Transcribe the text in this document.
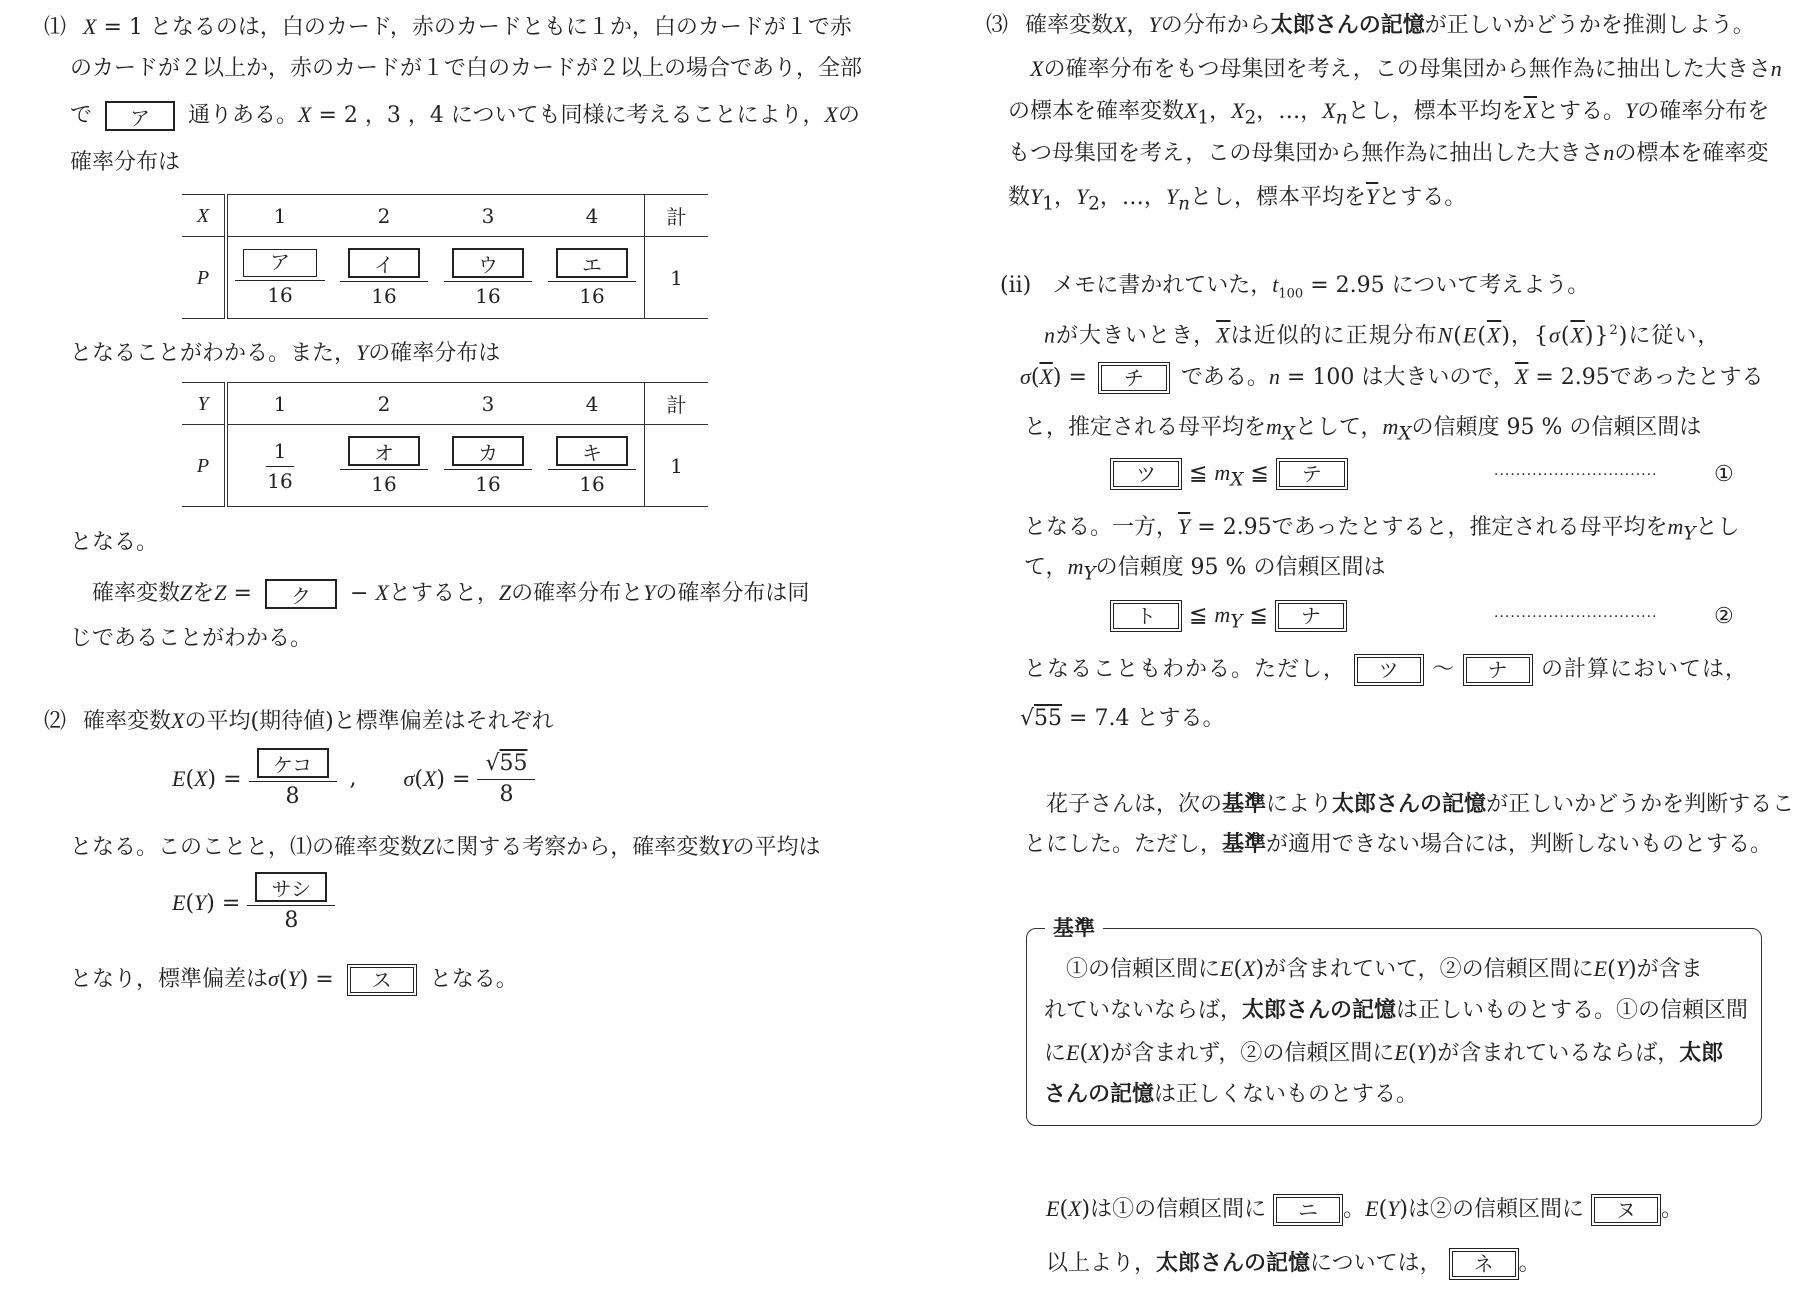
⑴ X = 1 となるのは，白のカード，赤のカードともに１か，白のカードが１で赤
のカードが２以上か，赤のカードが１で白のカードが２以上の場合であり，全部
で ア 通りある。X = 2 ，3 ，4 についても同様に考えることにより，Xの
確率分布は
X	1	2	3	4	計
P	$\frac{\text{ア}}{16}$	$\frac{\text{イ}}{16}$	$\frac{\text{ウ}}{16}$	$\frac{\text{エ}}{16}$	1
となることがわかる。また，Yの確率分布は
Y	1	2	3	4	計
P	$\frac{1}{16}$	$\frac{\text{オ}}{16}$	$\frac{\text{カ}}{16}$	$\frac{\text{キ}}{16}$	1
となる。
確率変数ZをZ = ク − Xとすると，Zの確率分布とYの確率分布は同
じであることがわかる。
⑵ 確率変数Xの平均(期待値)と標準偏差はそれぞれ
$E(X) = \frac{\text{ケコ}}{8}$ , $\sigma(X) = \frac{√55}{8}$
となる。このことと，⑴の確率変数Zに関する考察から，確率変数Yの平均は
$E(Y) = \frac{\text{サシ}}{8}$
となり，標準偏差はσ(Y) =	ス	となる。
⑶ 確率変数X，Yの分布から太郎さんの記憶が正しいかどうかを推測しよう。
Xの確率分布をもつ母集団を考え，この母集団から無作為に抽出した大きさn
の標本を確率変数$X_1$，$X_2$，…，$X_n$とし，標本平均を$\overline{X}$とする。Yの確率分布を
もつ母集団を考え，この母集団から無作為に抽出した大きさnの標本を確率変
数$Y_1$，$Y_2$，…，$Y_n$とし，標本平均を$\overline{Y}$とする。
(ii) メモに書かれていた，$t_{100} = 2.95$ について考えよう。
nが大きいとき，$\overline{X}$は近似的に正規分布$N(E(\overline{X})$，$\{\sigma(\overline{X})\}^2$)に従い，
$\sigma(\overline{X})$ =	チ	である。n = 100 は大きいので，$\overline{X} = 2.95$であったとする
と，推定される母平均を$m_X$として，$m_X$の信頼度 95 % の信頼区間は
ツ	≦ $m_X$ ≦	テ	······························	①
となる。一方，$\overline{Y} = 2.95$であったとすると，推定される母平均を$m_Y$とし
て，$m_Y$の信頼度 95 % の信頼区間は
ト	≦ $m_Y$ ≦	ナ	······························	②
となることもわかる。ただし，	ツ	～	ナ	の計算においては，
√55 = 7.4 とする。
花子さんは，次の基準により太郎さんの記憶が正しいかどうかを判断するこ
とにした。ただし，基準が適用できない場合には，判断しないものとする。
基準
①の信頼区間にE(X)が含まれていて，②の信頼区間にE(Y)が含ま
れていないならば，太郎さんの記憶は正しいものとする。①の信頼区間
にE(X)が含まれず，②の信頼区間にE(Y)が含まれているならば，太郎
さんの記憶は正しくないものとする。
E(X)は①の信頼区間に	ニ	。E(Y)は②の信頼区間に	ヌ	。
以上より，太郎さんの記憶については，	ネ	。
